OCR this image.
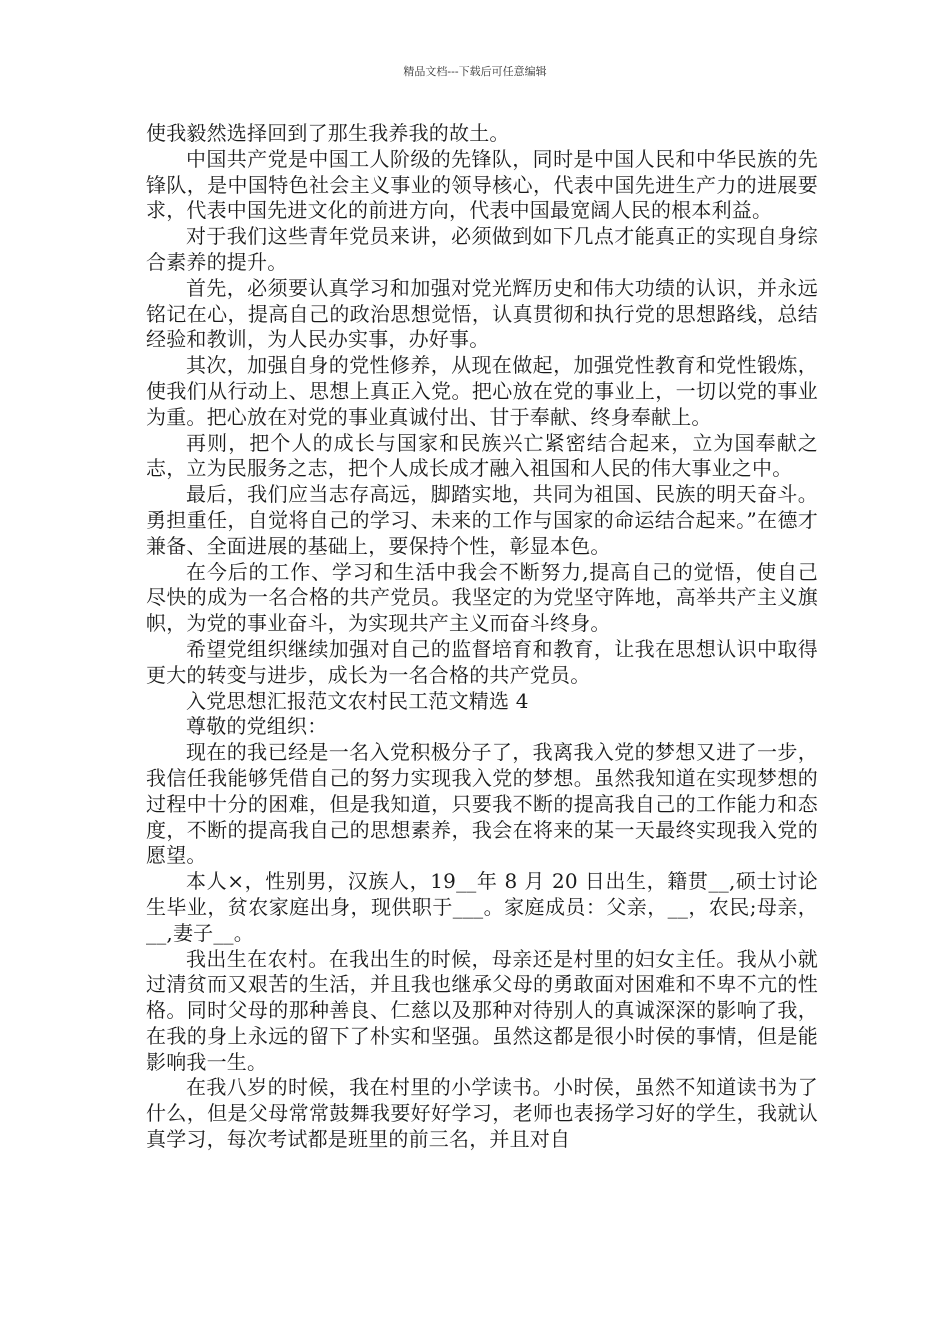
精品文档---下载后可任意编辑

使我毅然选择回到了那生我养我的故土。

中国共产党是中国工人阶级的先锋队，同时是中国人民和中华民族的先锋队，是中国特色社会主义事业的领导核心，代表中国先进生产力的进展要求，代表中国先进文化的前进方向，代表中国最宽阔人民的根本利益。

对于我们这些青年党员来讲，必须做到如下几点才能真正的实现自身综合素养的提升。

首先，必须要认真学习和加强对党光辉历史和伟大功绩的认识，并永远铭记在心，提高自己的政治思想觉悟，认真贯彻和执行党的思想路线，总结经验和教训，为人民办实事，办好事。

其次，加强自身的党性修养，从现在做起，加强党性教育和党性锻炼，使我们从行动上、思想上真正入党。把心放在党的事业上，一切以党的事业为重。把心放在对党的事业真诚付出、甘于奉献、终身奉献上。

再则，把个人的成长与国家和民族兴亡紧密结合起来，立为国奉献之志，立为民服务之志，把个人成长成才融入祖国和人民的伟大事业之中。

最后，我们应当志存高远，脚踏实地，共同为祖国、民族的明天奋斗。勇担重任，自觉将自己的学习、未来的工作与国家的命运结合起来。”在德才兼备、全面进展的基础上，要保持个性，彰显本色。

在今后的工作、学习和生活中我会不断努力,提高自己的觉悟，使自己尽快的成为一名合格的共产党员。我坚定的为党坚守阵地，高举共产主义旗帜，为党的事业奋斗，为实现共产主义而奋斗终身。

希望党组织继续加强对自己的监督培育和教育，让我在思想认识中取得更大的转变与进步，成长为一名合格的共产党员。

入党思想汇报范文农村民工范文精选 4

尊敬的党组织：

现在的我已经是一名入党积极分子了，我离我入党的梦想又进了一步，我信任我能够凭借自己的努力实现我入党的梦想。虽然我知道在实现梦想的过程中十分的困难，但是我知道，只要我不断的提高我自己的工作能力和态度，不断的提高我自己的思想素养，我会在将来的某一天最终实现我入党的愿望。

本人×，性别男，汉族人，19__年 8 月 20 日出生，籍贯__,硕士讨论生毕业，贫农家庭出身，现供职于___。家庭成员：父亲，__，农民;母亲，__,妻子__。

我出生在农村。在我出生的时候，母亲还是村里的妇女主任。我从小就过清贫而又艰苦的生活，并且我也继承父母的勇敢面对困难和不卑不亢的性格。同时父母的那种善良、仁慈以及那种对待别人的真诚深深的影响了我，在我的身上永远的留下了朴实和坚强。虽然这都是很小时侯的事情，但是能影响我一生。

在我八岁的时候，我在村里的小学读书。小时侯，虽然不知道读书为了什么，但是父母常常鼓舞我要好好学习，老师也表扬学习好的学生，我就认真学习，每次考试都是班里的前三名，并且对自
